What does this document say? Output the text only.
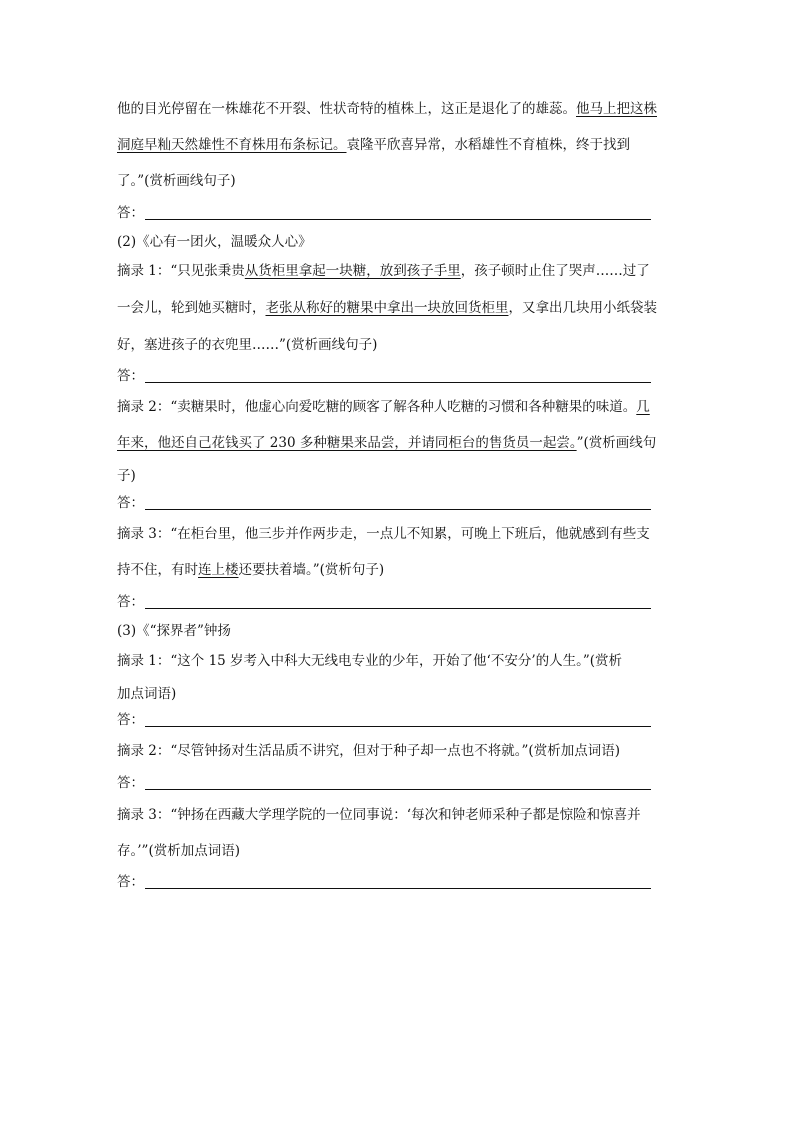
他的目光停留在一株雄花不开裂、性状奇特的植株上，这正是退化了的雄蕊。他马上把这株
洞庭早籼天然雄性不育株用布条标记。袁隆平欣喜异常，水稻雄性不育植株，终于找到
了。”(赏析画线句子)
答：
(2)《心有一团火，温暖众人心》
摘录 1：“只见张秉贵从货柜里拿起一块糖，放到孩子手里，孩子顿时止住了哭声……过了
一会儿，轮到她买糖时，老张从称好的糖果中拿出一块放回货柜里，又拿出几块用小纸袋装
好，塞进孩子的衣兜里……”(赏析画线句子)
答：
摘录 2：“卖糖果时，他虚心向爱吃糖的顾客了解各种人吃糖的习惯和各种糖果的味道。几
年来，他还自己花钱买了 230 多种糖果来品尝，并请同柜台的售货员一起尝。”(赏析画线句
子)
答：
摘录 3：“在柜台里，他三步并作两步走，一点儿不知累，可晚上下班后，他就感到有些支
持不住，有时连上楼还要扶着墙。”(赏析句子)
答：
(3)《“探界者”钟扬
摘录 1：“这个 15 岁考入中科大无线电专业的少年，开始了他‘不安分’的人生。”(赏析
加点词语)
答：
摘录 2：“尽管钟扬对生活品质不讲究，但对于种子却一点也不将就。”(赏析加点词语)
答：
摘录 3：“钟扬在西藏大学理学院的一位同事说：‘每次和钟老师采种子都是惊险和惊喜并
存。’”(赏析加点词语)
答：
